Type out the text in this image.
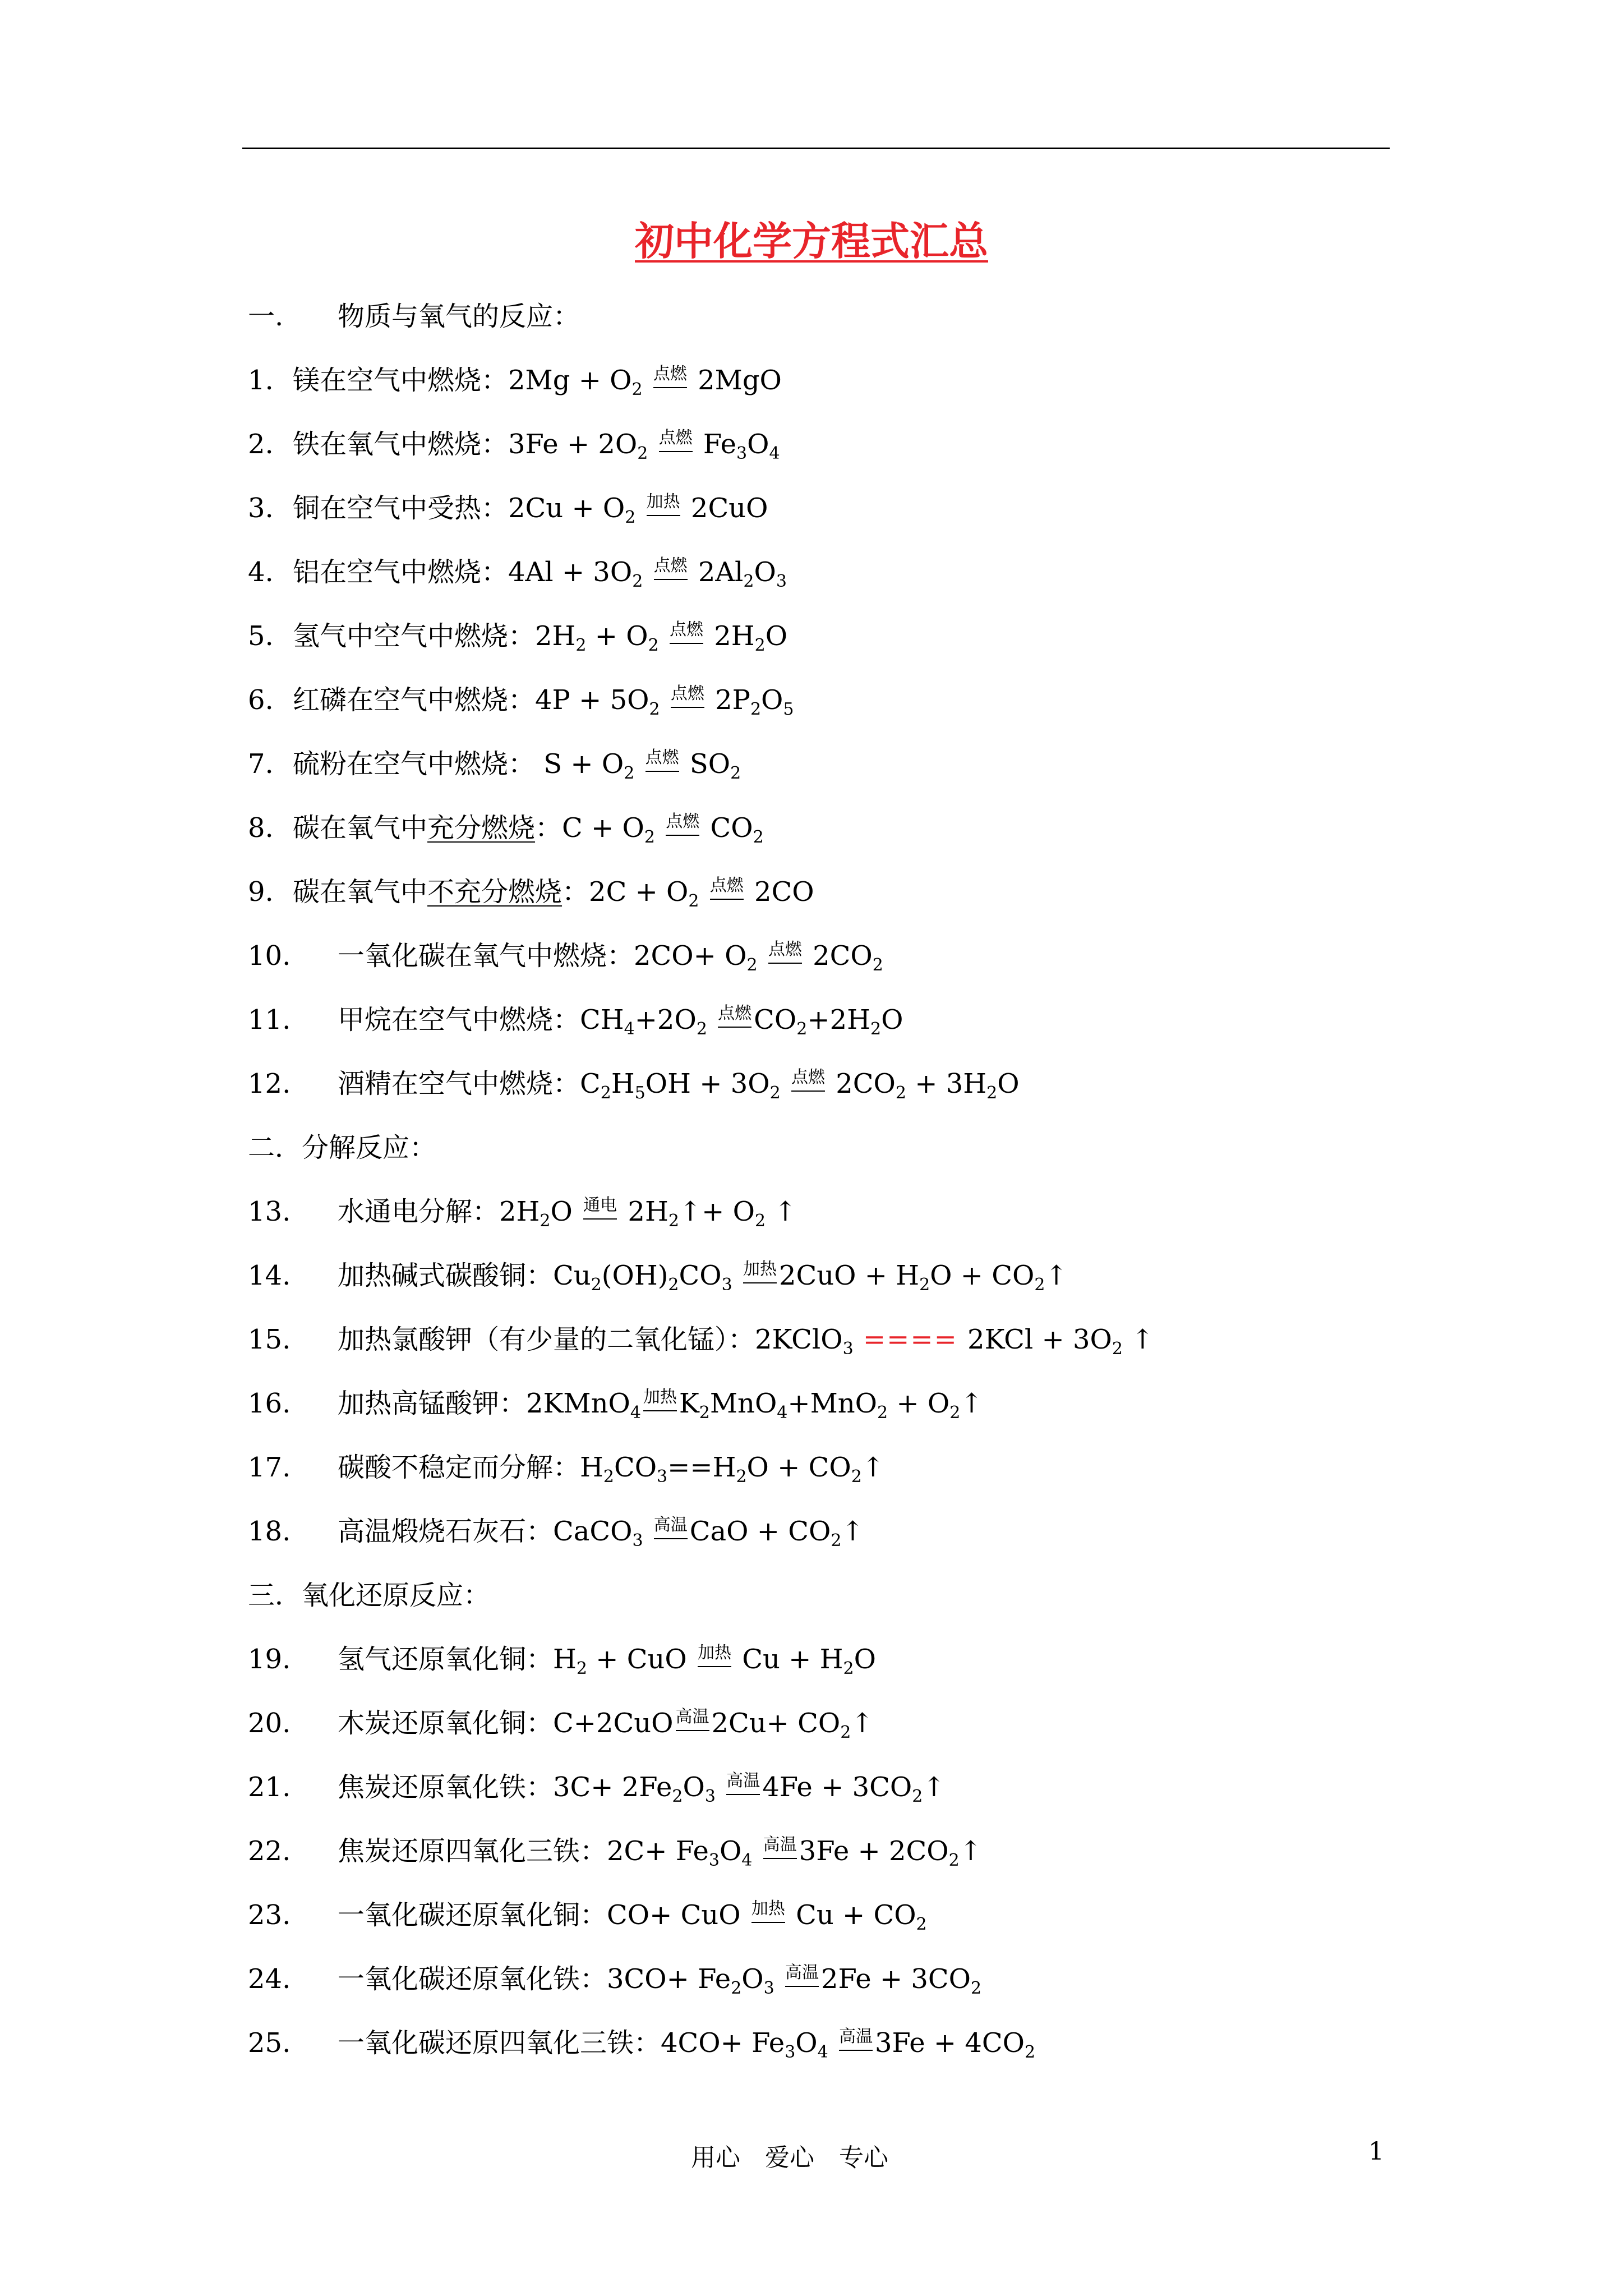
初中化学方程式汇总
一. 物质与氧气的反应：
1. 镁在空气中燃烧：$2Mg + O_2$ 点燃 2MgO
2. 铁在氧气中燃烧：$3Fe + 2O_2$ 点燃 $Fe_3O_4$
3. 铜在空气中受热：$2Cu + O_2$ 加热 2CuO
4. 铝在空气中燃烧：$4Al + 3O_2$ 点燃 $2Al_2O_3$
5. 氢气中空气中燃烧：$2H_2 + O_2$ 点燃 $2H_2O$
6. 红磷在空气中燃烧：$4P + 5O_2$ 点燃 $2P_2O_5$
7. 硫粉在空气中燃烧： $S + O_2$ 点燃 $SO_2$
8. 碳在氧气中充分燃烧：$C + O_2$ 点燃 $CO_2$
9. 碳在氧气中不充分燃烧：$2C + O_2$ 点燃 2CO
10. 一氧化碳在氧气中燃烧：$2CO+ O_2$ 点燃 $2CO_2$
11. 甲烷在空气中燃烧：$CH_4+2O_2$ 点燃$CO_2+2H_2O$
12. 酒精在空气中燃烧：$C_2H_5OH + 3O_2$ 点燃 $2CO_2 + 3H_2O$
二．分解反应：
13. 水通电分解：$2H_2O$ 通电 $2H_2↑+ O_2$ ↑
14. 加热碱式碳酸铜：$Cu_2(OH)_2CO_3$ 加热$2CuO + H_2O$ + $CO_2↑$
15. 加热氯酸钾（有少量的二氧化锰）：2KClO$_3$ ==== $2KCl + 3O_2$ ↑
16. 加热高锰酸钾：2KMnO$_4$加热$K_2MnO_4+MnO_2$ + $O_2↑$
17. 碳酸不稳定而分解：$H_2CO_3==H_2O$ + $CO_2↑$
18. 高温煅烧石灰石：CaCO$_3$ 高温CaO + $CO_2↑$
三．氧化还原反应：
19. 氢气还原氧化铜：$H_2$ + CuO 加热 $Cu + H_2O$
20. 木炭还原氧化铜：C+2CuO 高温$2Cu+ CO_2↑$
21. 焦炭还原氧化铁：$3C+ 2Fe_2O_3$ 高温$4Fe + 3CO_2↑$
22. 焦炭还原四氧化三铁：$2C+ Fe_3O_4$ 高温$3Fe + 2CO_2↑$
23. 一氧化碳还原氧化铜：CO+ CuO 加热 $Cu + CO_2$
24. 一氧化碳还原氧化铁：$3CO+ Fe_2O_3$ 高温$2Fe + 3CO_2$
25. 一氧化碳还原四氧化三铁：$4CO+ Fe_3O_4$ 高温$3Fe + 4CO_2$
用心 爱心 专心	1
